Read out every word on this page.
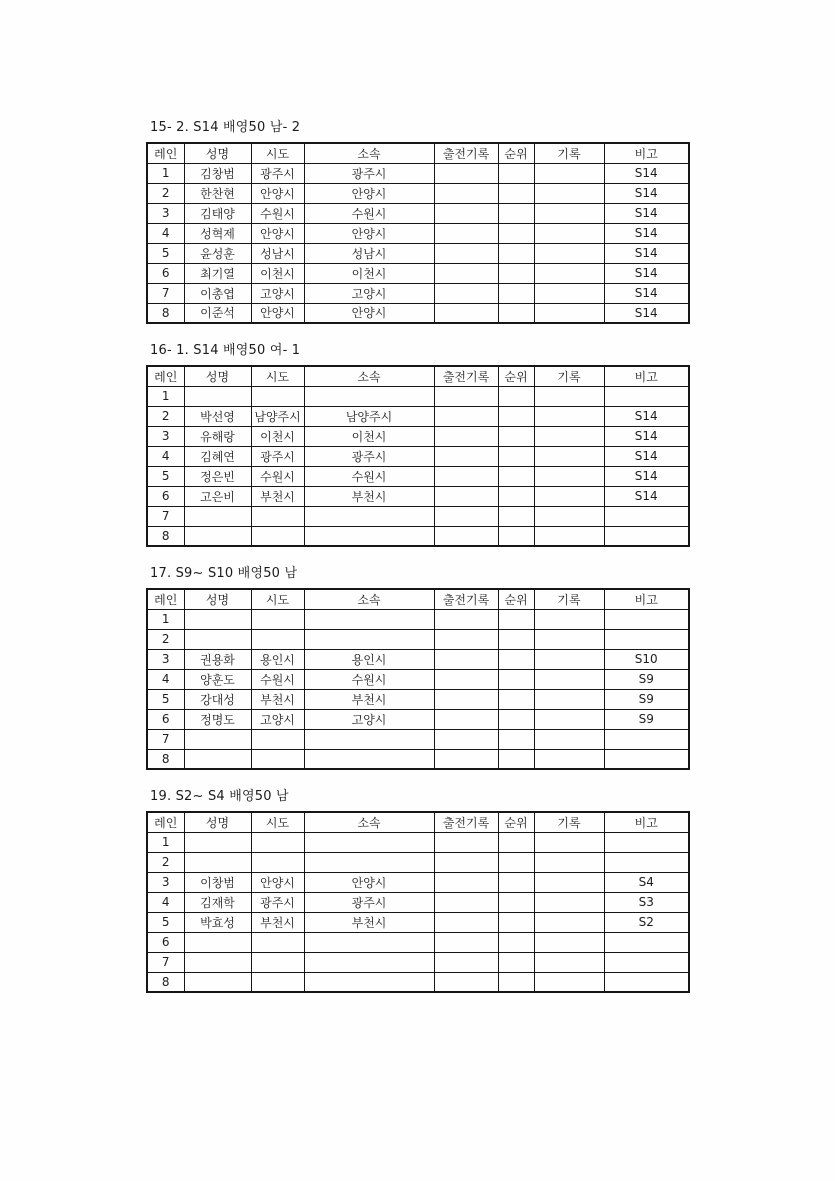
15- 2. S14 배영50 남- 2
레인	성명	시도	소속	출전기록	순위	기록	비고
1	김창범	광주시	광주시				S14
2	한찬현	안양시	안양시				S14
3	김태양	수원시	수원시				S14
4	성혁제	안양시	안양시				S14
5	윤성훈	성남시	성남시				S14
6	최기열	이천시	이천시				S14
7	이총엽	고양시	고양시				S14
8	이준석	안양시	안양시				S14
16- 1. S14 배영50 여- 1
레인	성명	시도	소속	출전기록	순위	기록	비고
1							
2	박선영	남양주시	남양주시				S14
3	유해랑	이천시	이천시				S14
4	김혜연	광주시	광주시				S14
5	정은빈	수원시	수원시				S14
6	고은비	부천시	부천시				S14
7							
8							
17. S9~ S10 배영50 남
레인	성명	시도	소속	출전기록	순위	기록	비고
1							
2							
3	권용화	용인시	용인시				S10
4	양훈도	수원시	수원시				S9
5	강대성	부천시	부천시				S9
6	정명도	고양시	고양시				S9
7							
8							
19. S2~ S4 배영50 남
레인	성명	시도	소속	출전기록	순위	기록	비고
1							
2							
3	이창범	안양시	안양시				S4
4	김재학	광주시	광주시				S3
5	박효성	부천시	부천시				S2
6							
7							
8							
